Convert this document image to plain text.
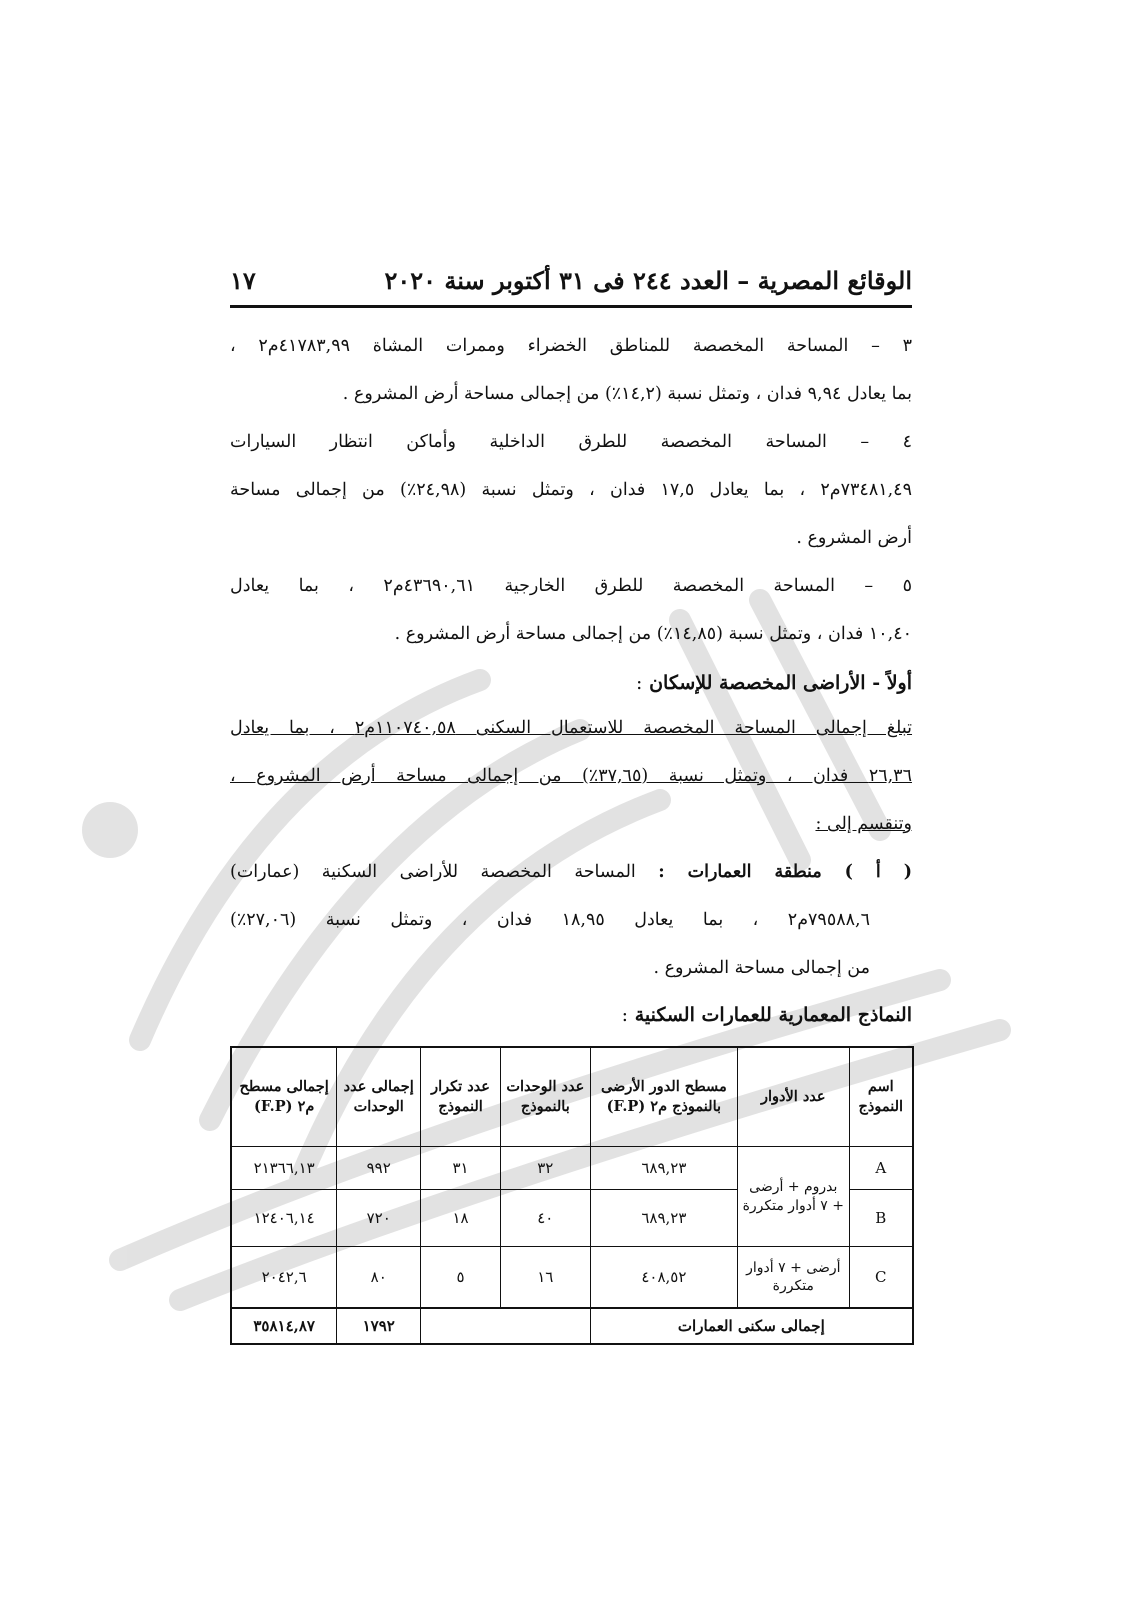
الوقائع المصرية – العدد ٢٤٤ فى ٣١ أكتوبر سنة ٢٠٢٠
١٧
٣ – المساحة المخصصة للمناطق الخضراء وممرات المشاة ٤١٧٨٣,٩٩م٢ ،
بما يعادل ٩,٩٤ فدان ، وتمثل نسبة (١٤,٢٪) من إجمالى مساحة أرض المشروع .
٤ – المساحة المخصصة للطرق الداخلية وأماكن انتظار السيارات
٧٣٤٨١,٤٩م٢ ، بما يعادل ١٧,٥ فدان ، وتمثل نسبة (٢٤,٩٨٪) من إجمالى مساحة
أرض المشروع .
٥ – المساحة المخصصة للطرق الخارجية ٤٣٦٩٠,٦١م٢ ، بما يعادل
١٠,٤٠ فدان ، وتمثل نسبة (١٤,٨٥٪) من إجمالى مساحة أرض المشروع .
أولاً - الأراضى المخصصة للإسكان :
تبلغ إجمالى المساحة المخصصة للاستعمال السكنى ١١٠٧٤٠,٥٨م٢ ، بما يعادل
٢٦,٣٦ فدان ، وتمثل نسبة (٣٧,٦٥٪) من إجمالى مساحة أرض المشروع ،
وتنقسم إلى :
( أ ) منطقة العمارات : المساحة المخصصة للأراضى السكنية (عمارات)
٧٩٥٨٨,٦م٢ ، بما يعادل ١٨,٩٥ فدان ، وتمثل نسبة (٢٧,٠٦٪)
من إجمالى مساحة المشروع .
النماذج المعمارية للعمارات السكنية :
اسم النموذج	عدد الأدوار	مسطح الدور الأرضى بالنموذج م٢ (F.P)	عدد الوحدات بالنموذج	عدد تكرار النموذج	إجمالى عدد الوحدات	إجمالى مسطح م٢ (F.P)
A	بدروم + أرضى + ٧ أدوار متكررة	٦٨٩,٢٣	٣٢	٣١	٩٩٢	٢١٣٦٦,١٣
B		٦٨٩,٢٣	٤٠	١٨	٧٢٠	١٢٤٠٦,١٤
C	أرضى + ٧ أدوار متكررة	٤٠٨,٥٢	١٦	٥	٨٠	٢٠٤٢,٦
إجمالى سكنى العمارات					١٧٩٢	٣٥٨١٤,٨٧
